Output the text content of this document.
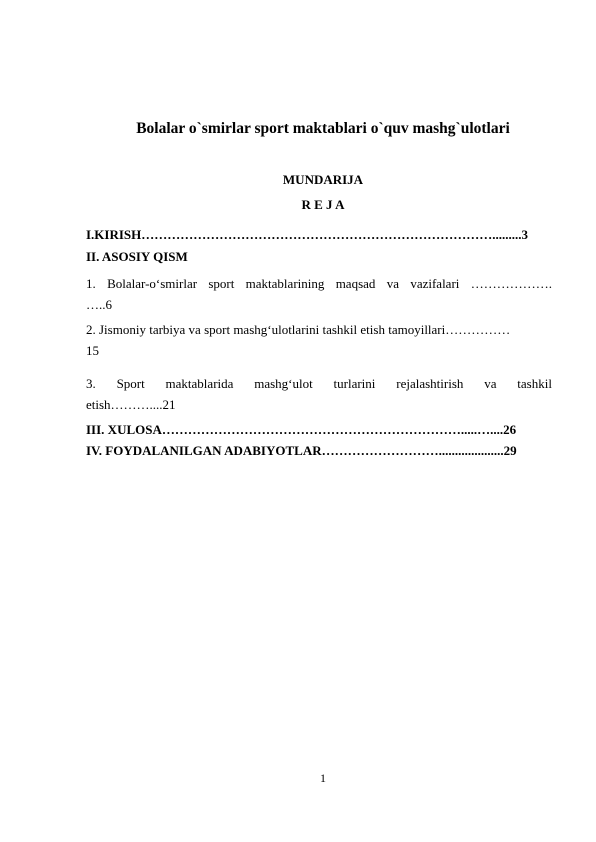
Bolalar o`smirlar sport maktablari o`quv mashg`ulotlari
MUNDARIJA
R E J A
I.KIRISH……………………………………………………………………….........3
II. ASOSIY QISM
1. Bolalar-o‘smirlar sport maktablarining maqsad va vazifalari ……………….
…..6
2. Jismoniy tarbiya va sport mashg‘ulotlarini tashkil etish tamoyillari……………
15
3. Sport maktablarida mashg‘ulot turlarini rejalashtirish va tashkil
etish………....21
III. XULOSA…………………………………………………………….....…....26
IV. FOYDALANILGAN ADABIYOTLAR………………………....................29
1
